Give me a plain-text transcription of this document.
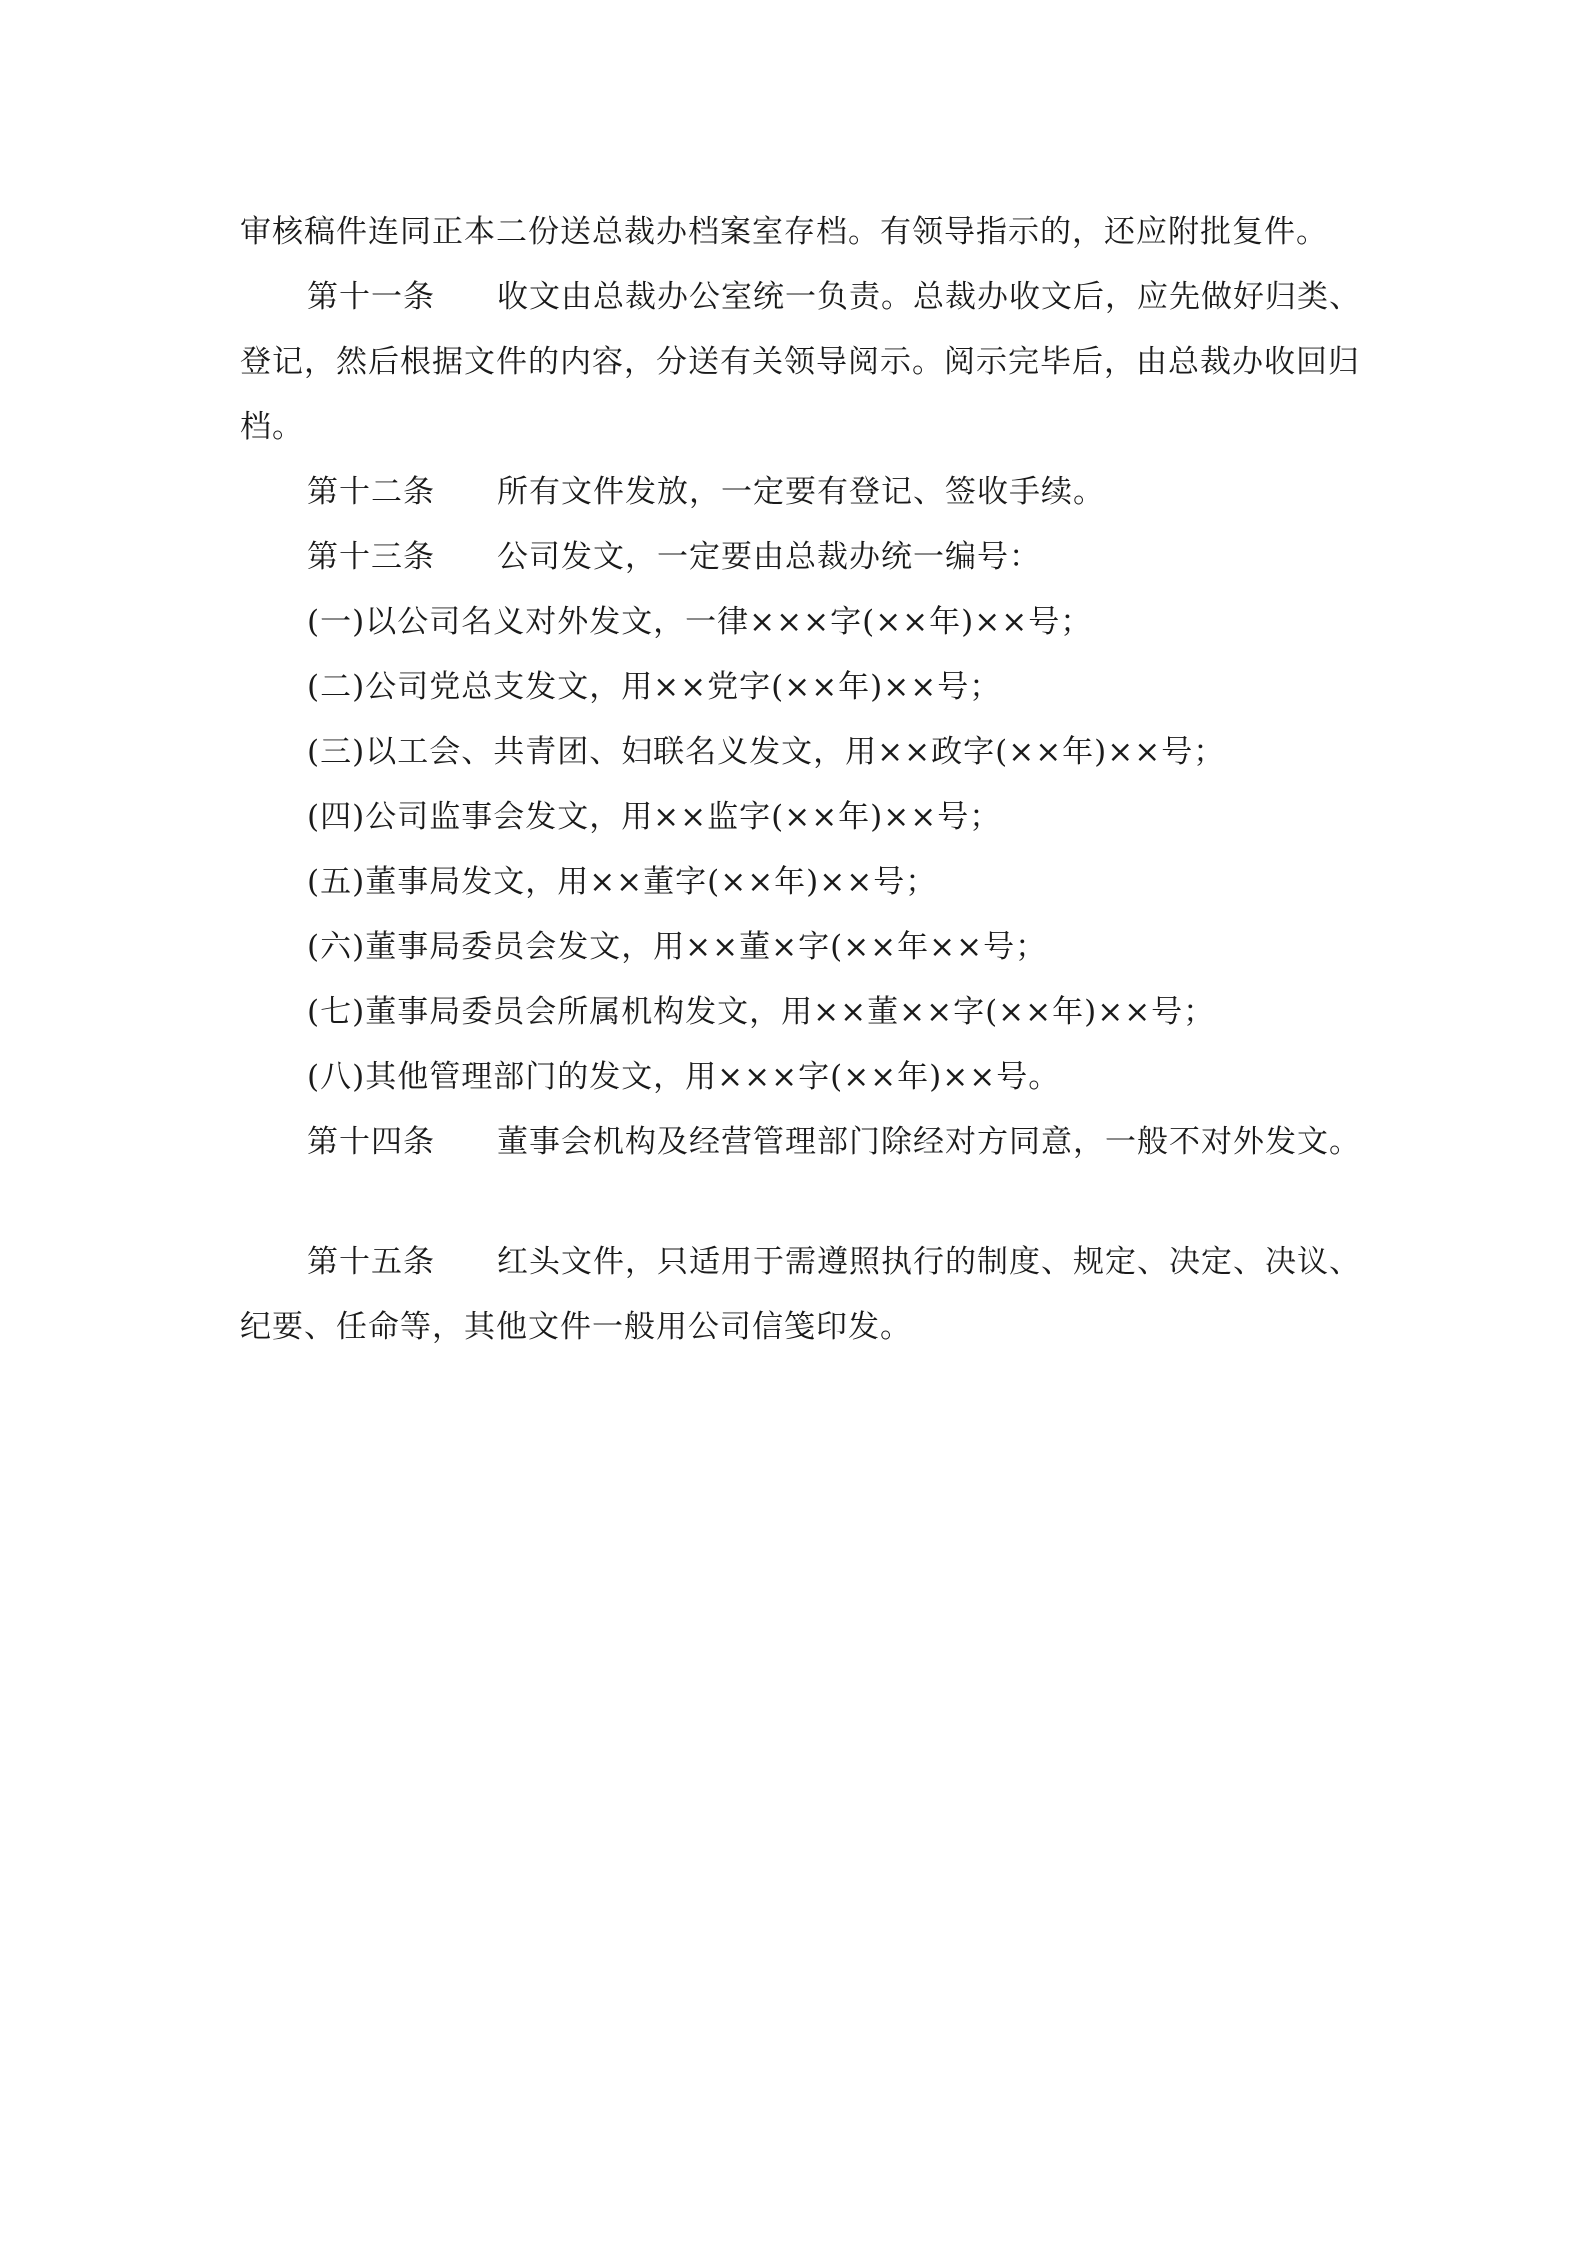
审核稿件连同正本二份送总裁办档案室存档。有领导指示的，还应附批复件。
第十一条 收文由总裁办公室统一负责。总裁办收文后，应先做好归类、
登记，然后根据文件的内容，分送有关领导阅示。阅示完毕后，由总裁办收回归
档。
第十二条 所有文件发放，一定要有登记、签收手续。
第十三条 公司发文，一定要由总裁办统一编号：
(一)以公司名义对外发文，一律×××字(××年)××号；
(二)公司党总支发文，用××党字(××年)××号；
(三)以工会、共青团、妇联名义发文，用××政字(××年)××号；
(四)公司监事会发文，用××监字(××年)××号；
(五)董事局发文，用××董字(××年)××号；
(六)董事局委员会发文，用××董×字(××年××号；
(七)董事局委员会所属机构发文，用××董××字(××年)××号；
(八)其他管理部门的发文，用×××字(××年)××号。
第十四条 董事会机构及经营管理部门除经对方同意，一般不对外发文。
第十五条 红头文件，只适用于需遵照执行的制度、规定、决定、决议、
纪要、任命等，其他文件一般用公司信笺印发。
